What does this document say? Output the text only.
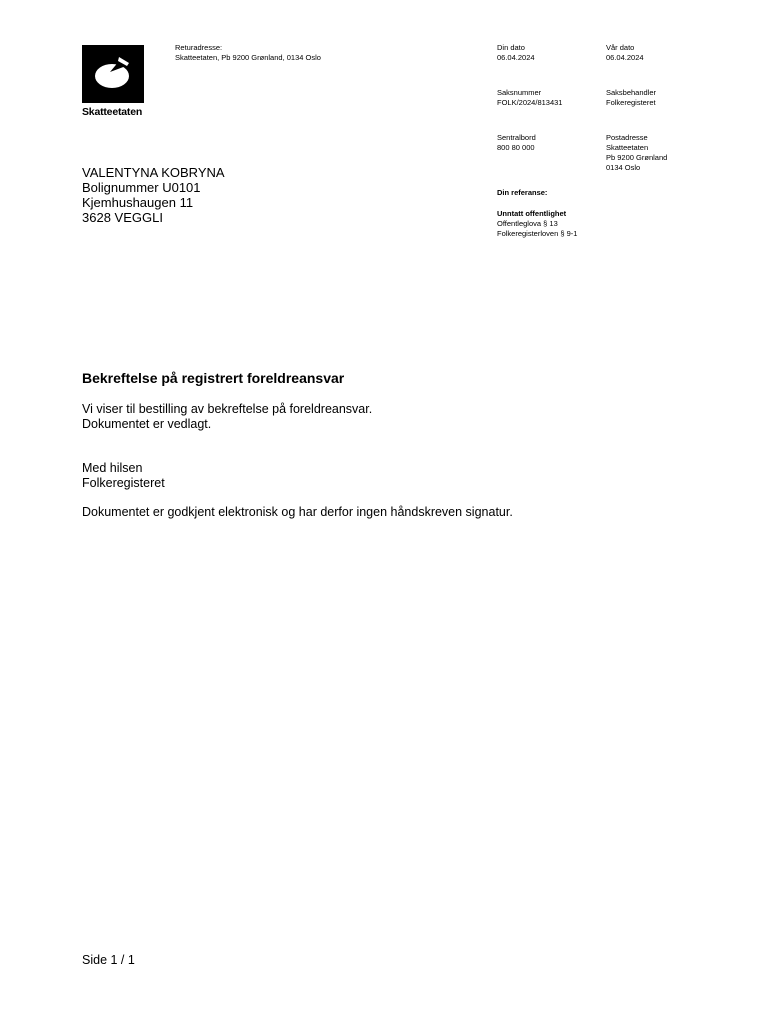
Skatteetaten
Returadresse:
Skatteetaten, Pb 9200 Grønland, 0134 Oslo
Din dato
06.04.2024
Vår dato
06.04.2024
Saksnummer
FOLK/2024/813431
Saksbehandler
Folkeregisteret
Sentralbord
800 80 000
Postadresse
Skatteetaten
Pb 9200 Grønland
0134 Oslo
Din referanse:
Unntatt offentlighet
Offentleglova § 13
Folkeregisterloven § 9-1
VALENTYNA KOBRYNA
Bolignummer U0101
Kjemhushaugen 11
3628 VEGGLI
Bekreftelse på registrert foreldreansvar
Vi viser til bestilling av bekreftelse på foreldreansvar.
Dokumentet er vedlagt.
Med hilsen
Folkeregisteret
Dokumentet er godkjent elektronisk og har derfor ingen håndskreven signatur.
Side 1 / 1
